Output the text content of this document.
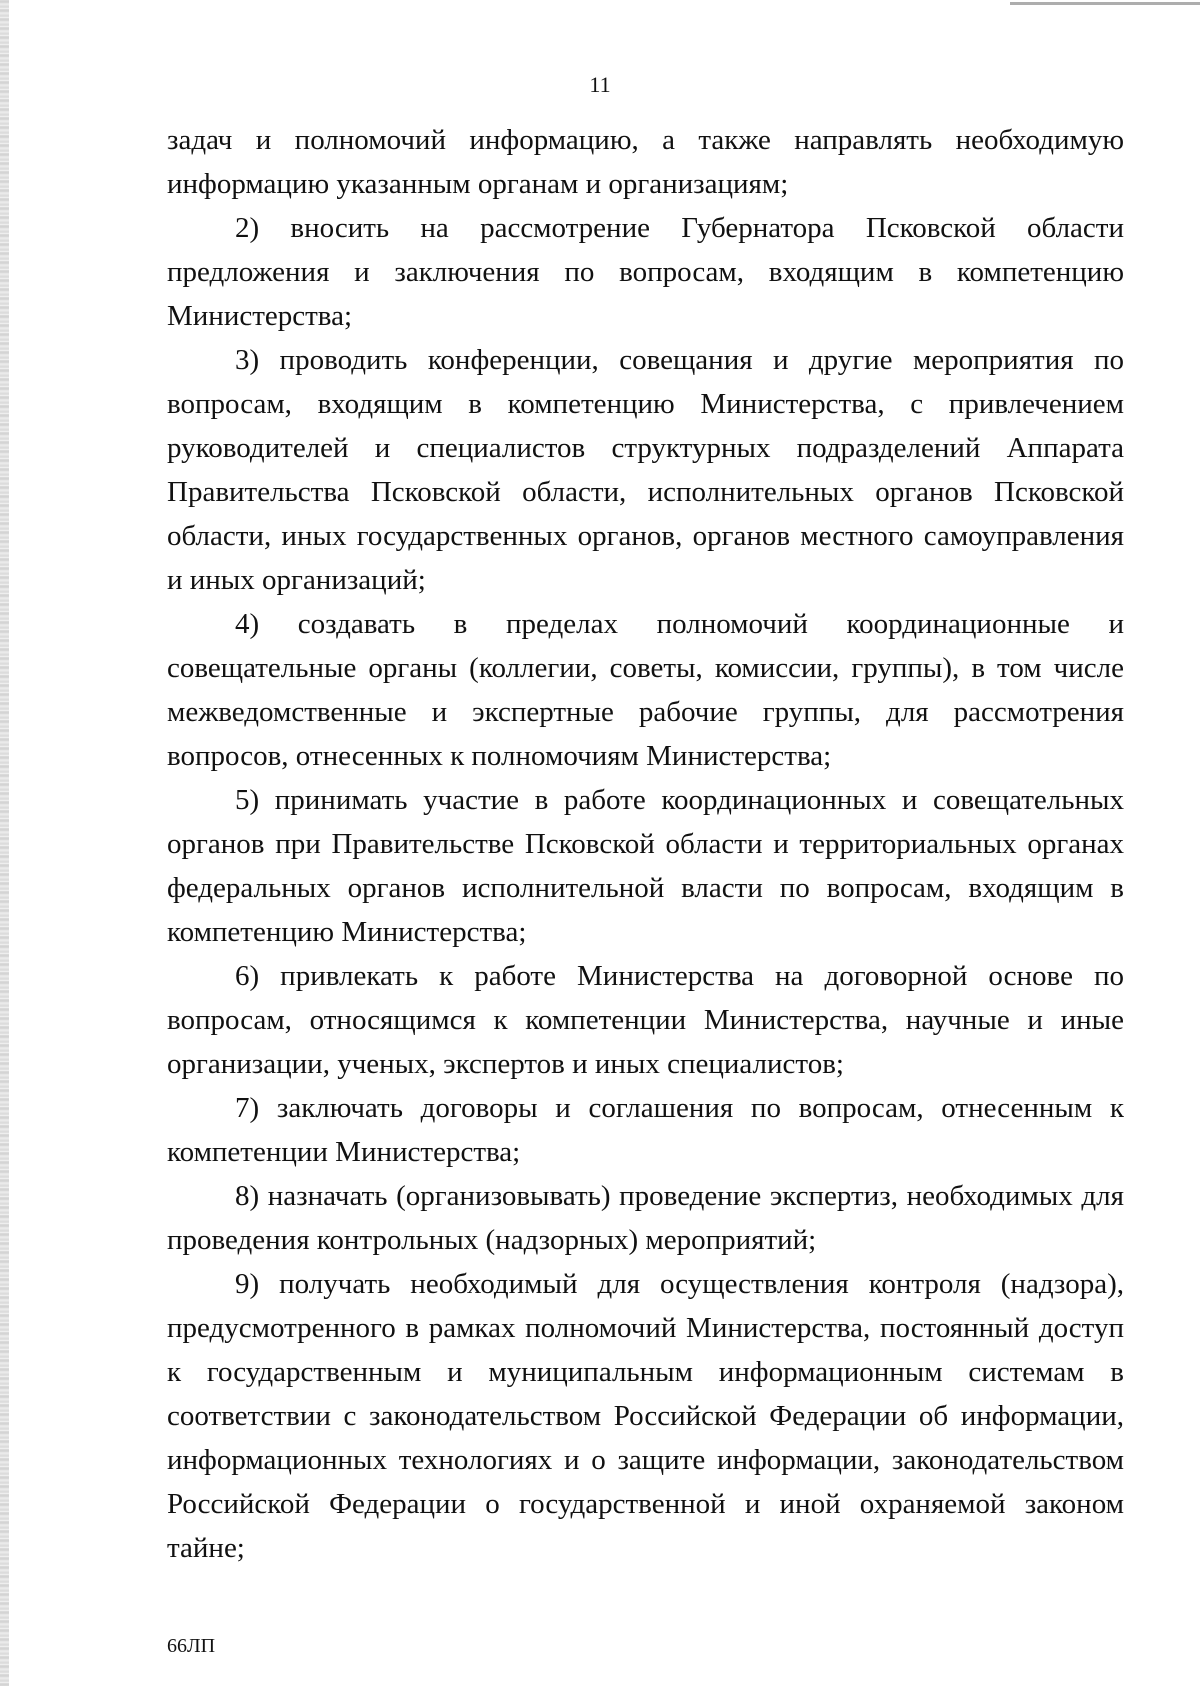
11

задач и полномочий информацию, а также направлять необходимую информацию указанным органам и организациям;

2) вносить на рассмотрение Губернатора Псковской области предложения и заключения по вопросам, входящим в компетенцию Министерства;

3) проводить конференции, совещания и другие мероприятия по вопросам, входящим в компетенцию Министерства, с привлечением руководителей и специалистов структурных подразделений Аппарата Правительства Псковской области, исполнительных органов Псковской области, иных государственных органов, органов местного самоуправления и иных организаций;

4) создавать в пределах полномочий координационные и совещательные органы (коллегии, советы, комиссии, группы), в том числе межведомственные и экспертные рабочие группы, для рассмотрения вопросов, отнесенных к полномочиям Министерства;

5) принимать участие в работе координационных и совещательных органов при Правительстве Псковской области и территориальных органах федеральных органов исполнительной власти по вопросам, входящим в компетенцию Министерства;

6) привлекать к работе Министерства на договорной основе по вопросам, относящимся к компетенции Министерства, научные и иные организации, ученых, экспертов и иных специалистов;

7) заключать договоры и соглашения по вопросам, отнесенным к компетенции Министерства;

8) назначать (организовывать) проведение экспертиз, необходимых для проведения контрольных (надзорных) мероприятий;

9) получать необходимый для осуществления контроля (надзора), предусмотренного в рамках полномочий Министерства, постоянный доступ к государственным и муниципальным информационным системам в соответствии с законодательством Российской Федерации об информации, информационных технологиях и о защите информации, законодательством Российской Федерации о государственной и иной охраняемой законом тайне;

66ЛП
